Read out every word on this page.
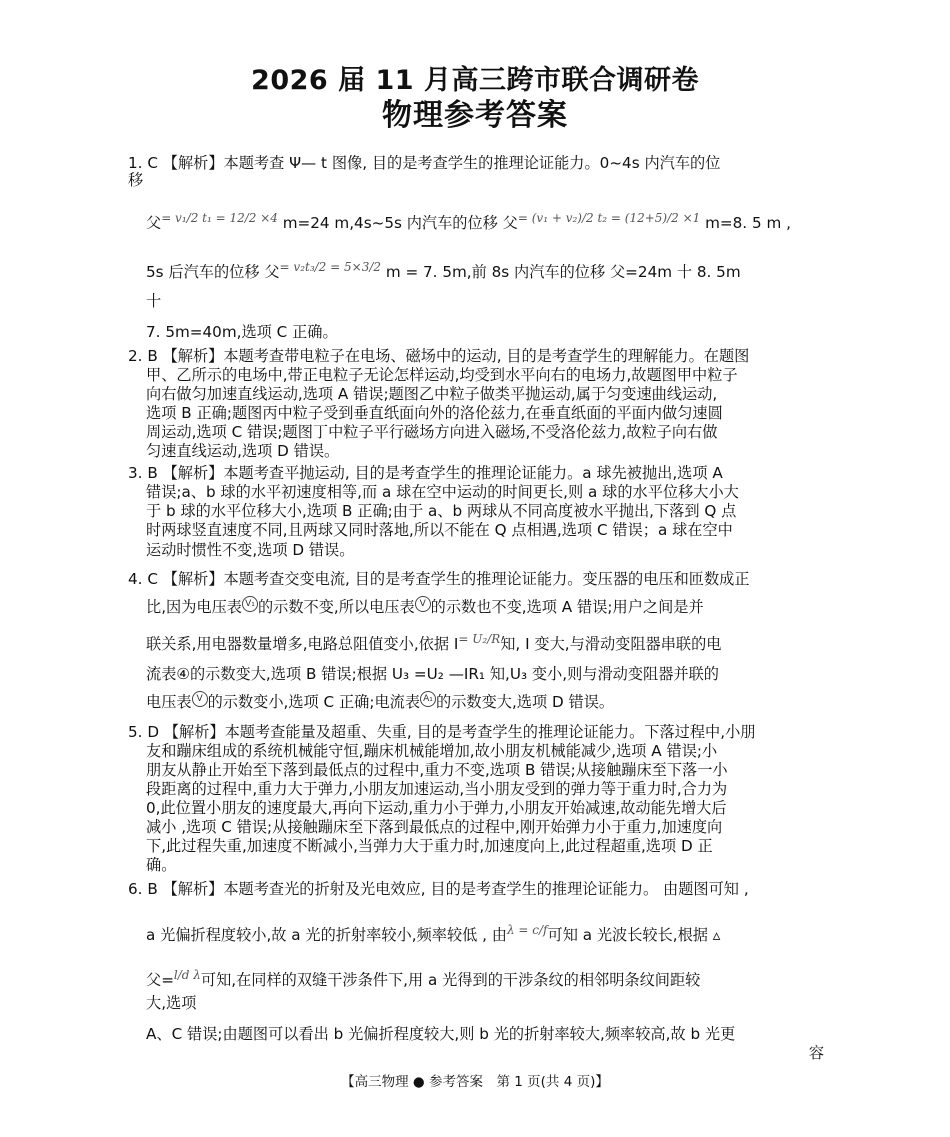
2026 届 11 月高三跨市联合调研卷
物理参考答案
1. C 【解析】本题考查 Ψ— t 图像, 目的是考查学生的推理论证能力。0~4s 内汽车的位
移
父= v₁/2 t₁ = 12/2 ×4 m=24 m,4s~5s 内汽车的位移 父= (v₁ + v₂)/2 t₂ = (12+5)/2 ×1 m=8. 5 m ,
5s 后汽车的位移 父= v₂t₃/2 = 5×3/2 m = 7. 5m,前 8s 内汽车的位移 父=24m 十 8. 5m
十
7. 5m=40m,选项 C 正确。
2. B 【解析】本题考查带电粒子在电场、磁场中的运动, 目的是考查学生的理解能力。在题图
甲、乙所示的电场中,带正电粒子无论怎样运动,均受到水平向右的电场力,故题图甲中粒子
向右做匀加速直线运动,选项 A 错误;题图乙中粒子做类平抛运动,属于匀变速曲线运动,
选项 B 正确;题图丙中粒子受到垂直纸面向外的洛伦兹力,在垂直纸面的平面内做匀速圆
周运动,选项 C 错误;题图丁中粒子平行磁场方向进入磁场,不受洛伦兹力,故粒子向右做
匀速直线运动,选项 D 错误。
3. B 【解析】本题考查平抛运动, 目的是考查学生的推理论证能力。a 球先被抛出,选项 A
错误;a、b 球的水平初速度相等,而 a 球在空中运动的时间更长,则 a 球的水平位移大小大
于 b 球的水平位移大小,选项 B 正确;由于 a、b 两球从不同高度被水平抛出,下落到 Q 点
时两球竖直速度不同,且两球又同时落地,所以不能在 Q 点相遇,选项 C 错误；a 球在空中
运动时惯性不变,选项 D 错误。
4. C 【解析】本题考查交变电流, 目的是考查学生的推理论证能力。变压器的电压和匝数成正
比,因为电压表 V₁ 的示数不变,所以电压表 V 的示数也不变,选项 A 错误;用户之间是并
联关系,用电器数量增多,电路总阻值变小,依据 I= U₂/R知, I 变大,与滑动变阻器串联的电
流表④的示数变大,选项 B 错误;根据 U₃ =U₂ —IR₁ 知,U₃ 变小,则与滑动变阻器并联的
电压表 V 的示数变小,选项 C 正确;电流表 A₁ 的示数变大,选项 D 错误。
5. D 【解析】本题考查能量及超重、失重, 目的是考查学生的推理论证能力。下落过程中,小朋
友和蹦床组成的系统机械能守恒,蹦床机械能增加,故小朋友机械能减少,选项 A 错误;小
朋友从静止开始至下落到最低点的过程中,重力不变,选项 B 错误;从接触蹦床至下落一小
段距离的过程中,重力大于弹力,小朋友加速运动,当小朋友受到的弹力等于重力时,合力为
0,此位置小朋友的速度最大,再向下运动,重力小于弹力,小朋友开始减速,故动能先增大后
减小 ,选项 C 错误;从接触蹦床至下落到最低点的过程中,刚开始弹力小于重力,加速度向
下,此过程失重,加速度不断减小,当弹力大于重力时,加速度向上,此过程超重,选项 D 正
确。
6. B 【解析】本题考查光的折射及光电效应, 目的是考查学生的推理论证能力。 由题图可知 ,
a 光偏折程度较小,故 a 光的折射率较小,频率较低 , 由λ = c/f可知 a 光波长较长,根据 ▵
父=l/d λ可知,在同样的双缝干涉条件下,用 a 光得到的干涉条纹的相邻明条纹间距较
大,选项
A、C 错误;由题图可以看出 b 光偏折程度较大,则 b 光的折射率较大,频率较高,故 b 光更
容
【高三物理 ● 参考答案　第 1 页(共 4 页)】
